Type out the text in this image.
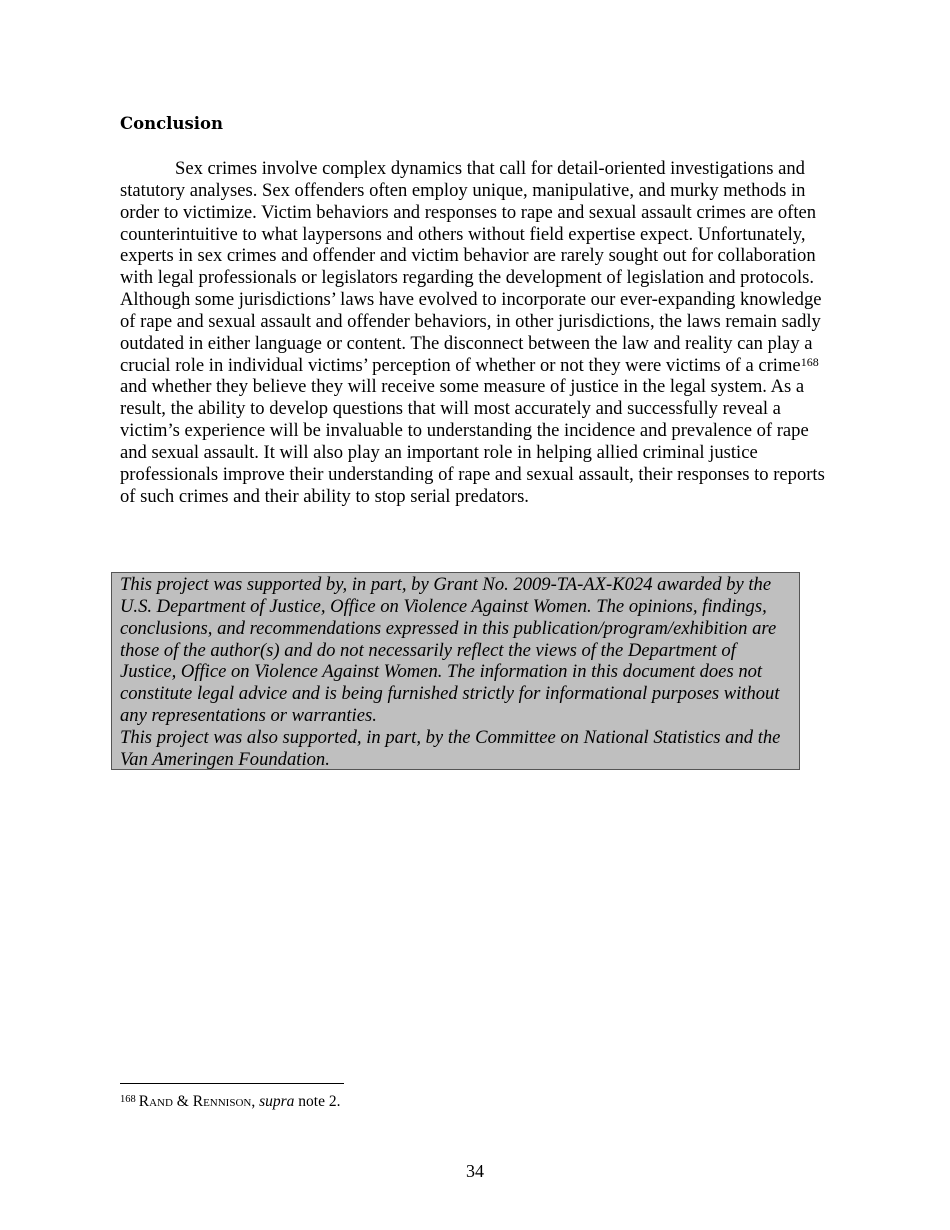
Conclusion

Sex crimes involve complex dynamics that call for detail-oriented investigations and statutory analyses. Sex offenders often employ unique, manipulative, and murky methods in order to victimize. Victim behaviors and responses to rape and sexual assault crimes are often counterintuitive to what laypersons and others without field expertise expect. Unfortunately, experts in sex crimes and offender and victim behavior are rarely sought out for collaboration with legal professionals or legislators regarding the development of legislation and protocols. Although some jurisdictions’ laws have evolved to incorporate our ever-expanding knowledge of rape and sexual assault and offender behaviors, in other jurisdictions, the laws remain sadly outdated in either language or content. The disconnect between the law and reality can play a crucial role in individual victims’ perception of whether or not they were victims of a crime$^{168}$ and whether they believe they will receive some measure of justice in the legal system. As a result, the ability to develop questions that will most accurately and successfully reveal a victim’s experience will be invaluable to understanding the incidence and prevalence of rape and sexual assault. It will also play an important role in helping allied criminal justice professionals improve their understanding of rape and sexual assault, their responses to reports of such crimes and their ability to stop serial predators.

This project was supported by, in part, by Grant No. 2009-TA-AX-K024 awarded by the U.S. Department of Justice, Office on Violence Against Women. The opinions, findings, conclusions, and recommendations expressed in this publication/program/exhibition are those of the author(s) and do not necessarily reflect the views of the Department of Justice, Office on Violence Against Women. The information in this document does not constitute legal advice and is being furnished strictly for informational purposes without any representations or warranties.

This project was also supported, in part, by the Committee on National Statistics and the Van Ameringen Foundation.

$^{168}$ Rand & Rennison, supra note 2.

34
